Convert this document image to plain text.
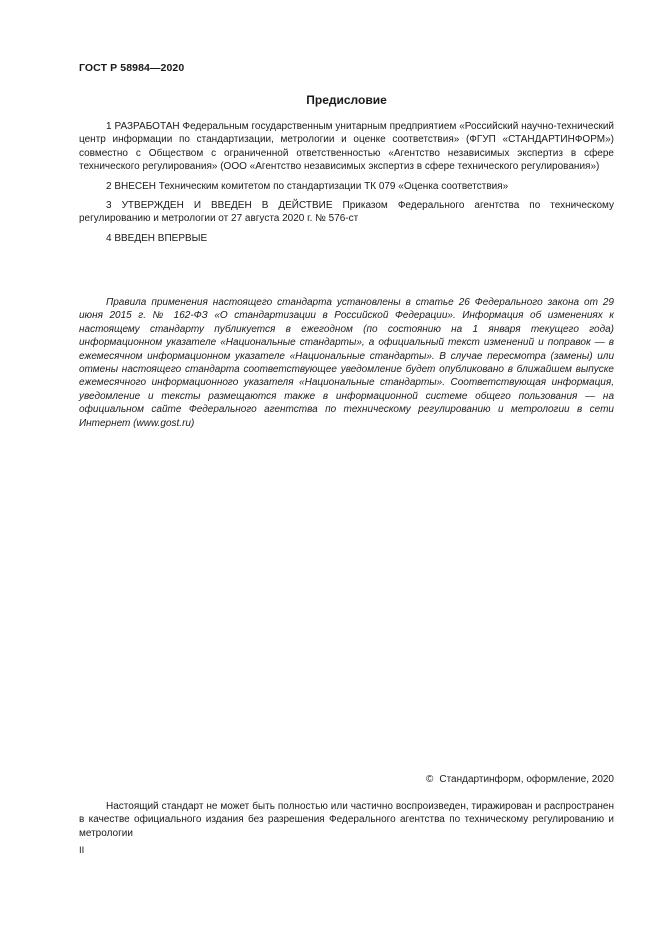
ГОСТ Р 58984—2020
Предисловие

1 РАЗРАБОТАН Федеральным государственным унитарным предприятием «Российский научно-технический центр информации по стандартизации, метрологии и оценке соответствия» (ФГУП «СТАНДАРТИНФОРМ») совместно с Обществом с ограниченной ответственностью «Агентство независимых экспертиз в сфере технического регулирования» (ООО «Агентство независимых экспертиз в сфере технического регулирования»)

2 ВНЕСЕН Техническим комитетом по стандартизации ТК 079 «Оценка соответствия»

3 УТВЕРЖДЕН И ВВЕДЕН В ДЕЙСТВИЕ Приказом Федерального агентства по техническому регулированию и метрологии от 27 августа 2020 г. № 576-ст

4 ВВЕДЕН ВПЕРВЫЕ

Правила применения настоящего стандарта установлены в статье 26 Федерального закона от 29 июня 2015 г. № 162-ФЗ «О стандартизации в Российской Федерации». Информация об изменениях к настоящему стандарту публикуется в ежегодном (по состоянию на 1 января текущего года) информационном указателе «Национальные стандарты», а официальный текст изменений и поправок — в ежемесячном информационном указателе «Национальные стандарты». В случае пересмотра (замены) или отмены настоящего стандарта соответствующее уведомление будет опубликовано в ближайшем выпуске ежемесячного информационного указателя «Национальные стандарты». Соответствующая информация, уведомление и тексты размещаются также в информационной системе общего пользования — на официальном сайте Федерального агентства по техническому регулированию и метрологии в сети Интернет (www.gost.ru)

© Стандартинформ, оформление, 2020

Настоящий стандарт не может быть полностью или частично воспроизведен, тиражирован и распространен в качестве официального издания без разрешения Федерального агентства по техническому регулированию и метрологии

II
